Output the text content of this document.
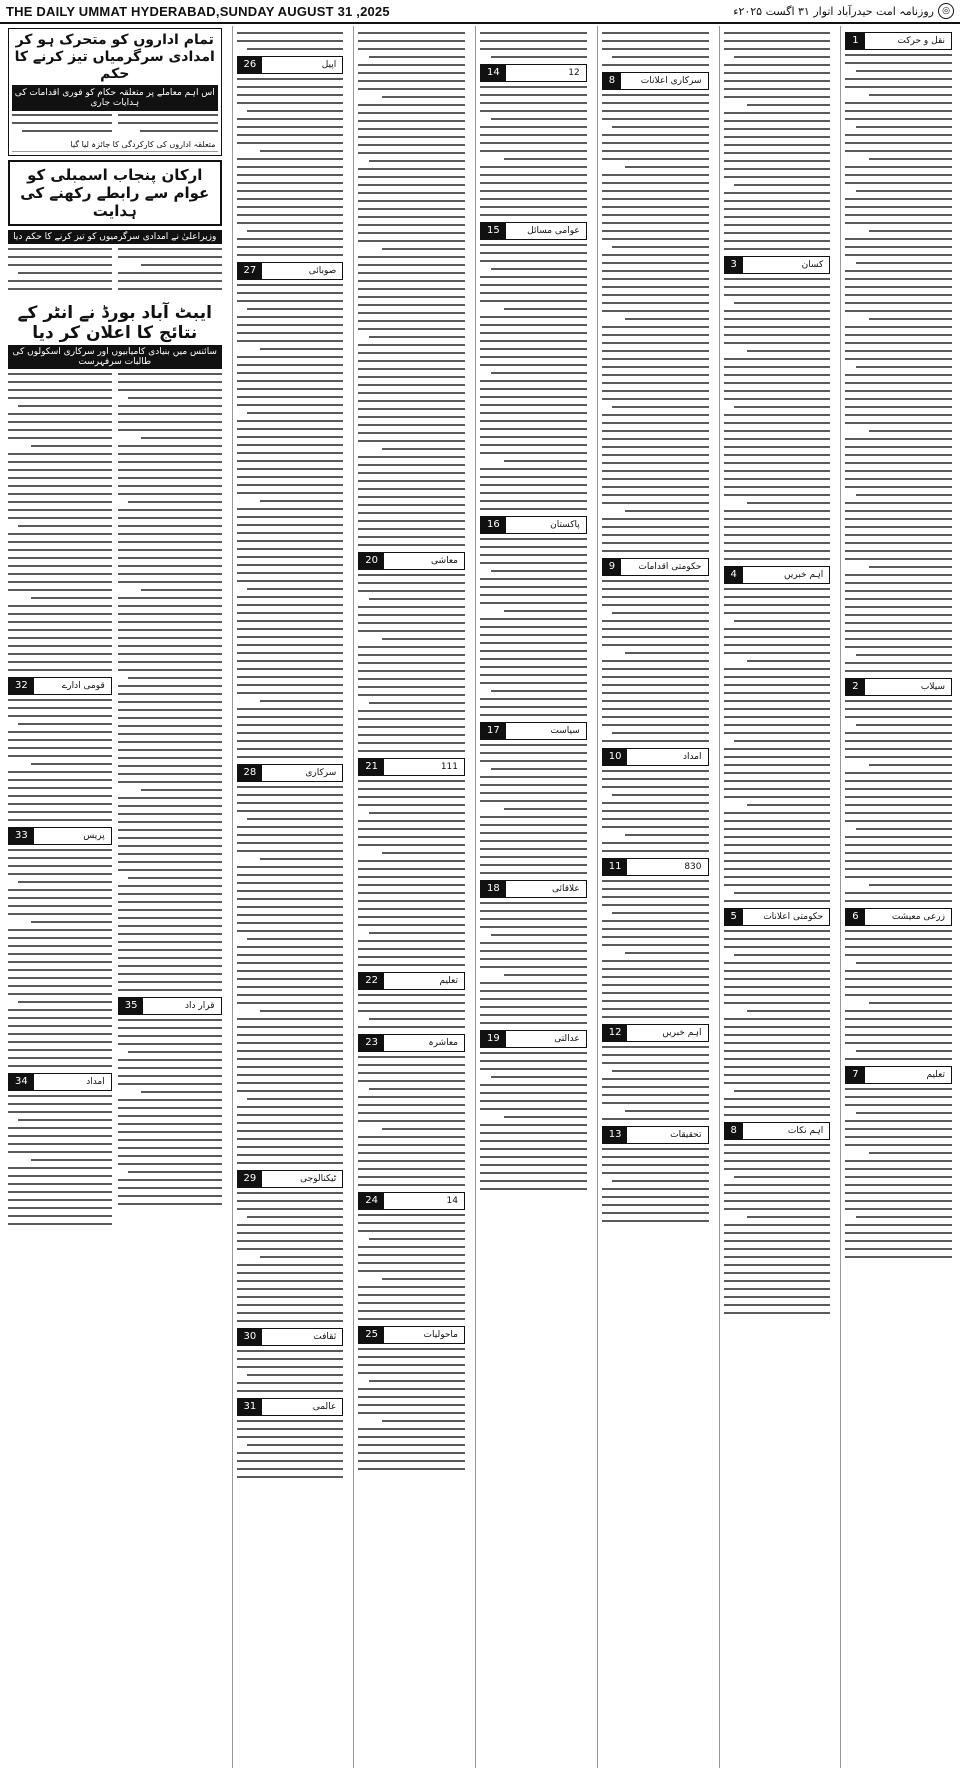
THE DAILY UMMAT HYDERABAD,SUNDAY AUGUST 31 ,2025	◎
روزنامہ امت حیدرآباد اتوار ۳۱ اگست ۲۰۲۵ء
نقل و حرکت
1
سیلاب
2
زرعی معیشت
6
تعلیم
7
کسان
3
اہم خبریں
4
حکومتی اعلانات
5
اہم نکات
8
سرکاری اعلانات
8
حکومتی اقدامات
9
امداد
10
830
11
اہم خبریں
12
تحقیقات
13
12
14
عوامی مسائل
15
پاکستان
16
سیاست
17
علاقائی
18
عدالتی
19
معاشی
20
111
21
تعلیم
22
معاشرہ
23
14
24
ماحولیات
25
اپیل
26
صوبائی
27
سرکاری
28
ٹیکنالوجی
29
ثقافت
30
عالمی
31
تمام اداروں کو متحرک ہو کر امدادی سرگرمیاں تیز کرنے کا حکم
اس اہم معاملے پر متعلقہ حکام کو فوری اقدامات کی ہدایات جاری
متعلقہ اداروں کی کارکردگی کا جائزہ لیا گیا
ارکان پنجاب اسمبلی کو عوام سے رابطے رکھنے کی ہدایت
وزیراعلیٰ نے امدادی سرگرمیوں کو تیز کرنے کا حکم دیا
ایبٹ آباد بورڈ نے انٹر کے نتائج کا اعلان کر دیا
سائنس میں بنیادی کامیابیوں اور سرکاری اسکولوں کی طالبات سرفہرست
قومی ادارے
32
پریس
33
امداد
34
قرار داد
35
